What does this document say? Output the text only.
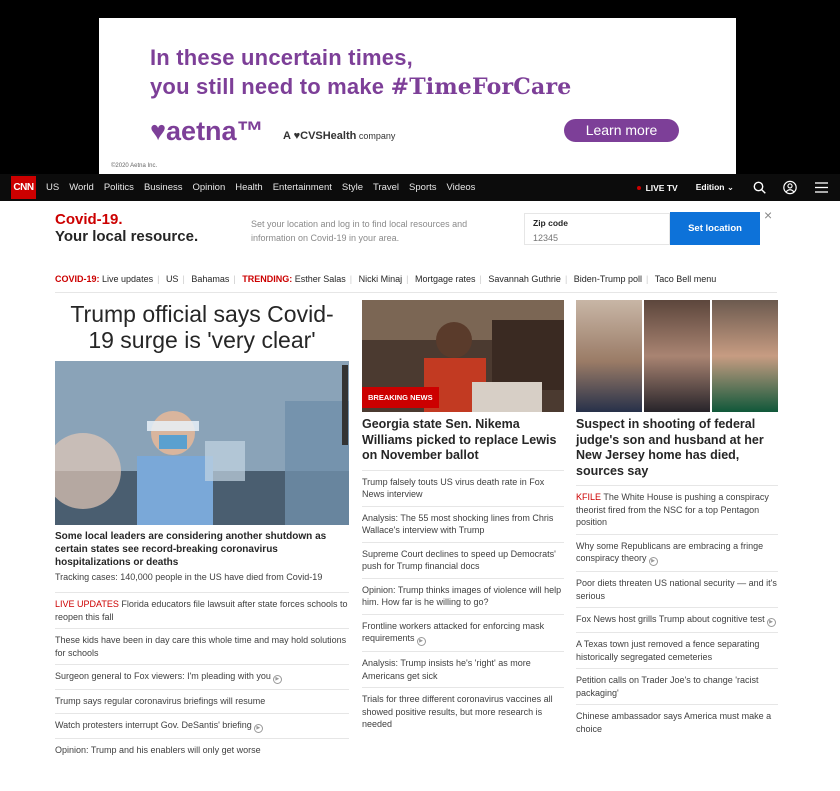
In these uncertain times,
you still need to make #TimeForCare
♥aetna™ A ♥CVSHealth company	Learn more
©2020 Aetna Inc.
CNN US World Politics Business Opinion Health Entertainment Style Travel Sports Videos	LIVE TV Edition ⌄
Covid-19.
Your local resource.
Set your location and log in to find local resources and information on Covid-19 in your area.
Zip code
12345	Set location
×
COVID-19: Live updates | US | Bahamas | TRENDING: Esther Salas | Nicki Minaj | Mortgage rates | Savannah Guthrie | Biden-Trump poll | Taco Bell menu
Trump official says Covid-19 surge is 'very clear'
Some local leaders are considering another shutdown as certain states see record-breaking coronavirus hospitalizations or deaths
Tracking cases: 140,000 people in the US have died from Covid-19
LIVE UPDATES Florida educators file lawsuit after state forces schools to reopen this fall
These kids have been in day care this whole time and may hold solutions for schools
Surgeon general to Fox viewers: I'm pleading with you ▶
Trump says regular coronavirus briefings will resume
Watch protesters interrupt Gov. DeSantis' briefing ▶
Opinion: Trump and his enablers will only get worse
BREAKING NEWS
Georgia state Sen. Nikema Williams picked to replace Lewis on November ballot
Trump falsely touts US virus death rate in Fox News interview
Analysis: The 55 most shocking lines from Chris Wallace's interview with Trump
Supreme Court declines to speed up Democrats' push for Trump financial docs
Opinion: Trump thinks images of violence will help him. How far is he willing to go?
Frontline workers attacked for enforcing mask requirements ▶
Analysis: Trump insists he's 'right' as more Americans get sick
Trials for three different coronavirus vaccines all showed positive results, but more research is needed
Suspect in shooting of federal judge's son and husband at her New Jersey home has died, sources say
KFILE The White House is pushing a conspiracy theorist fired from the NSC for a top Pentagon position
Why some Republicans are embracing a fringe conspiracy theory ▶
Poor diets threaten US national security — and it's serious
Fox News host grills Trump about cognitive test ▶
A Texas town just removed a fence separating historically segregated cemeteries
Petition calls on Trader Joe's to change 'racist packaging'
Chinese ambassador says America must make a choice
